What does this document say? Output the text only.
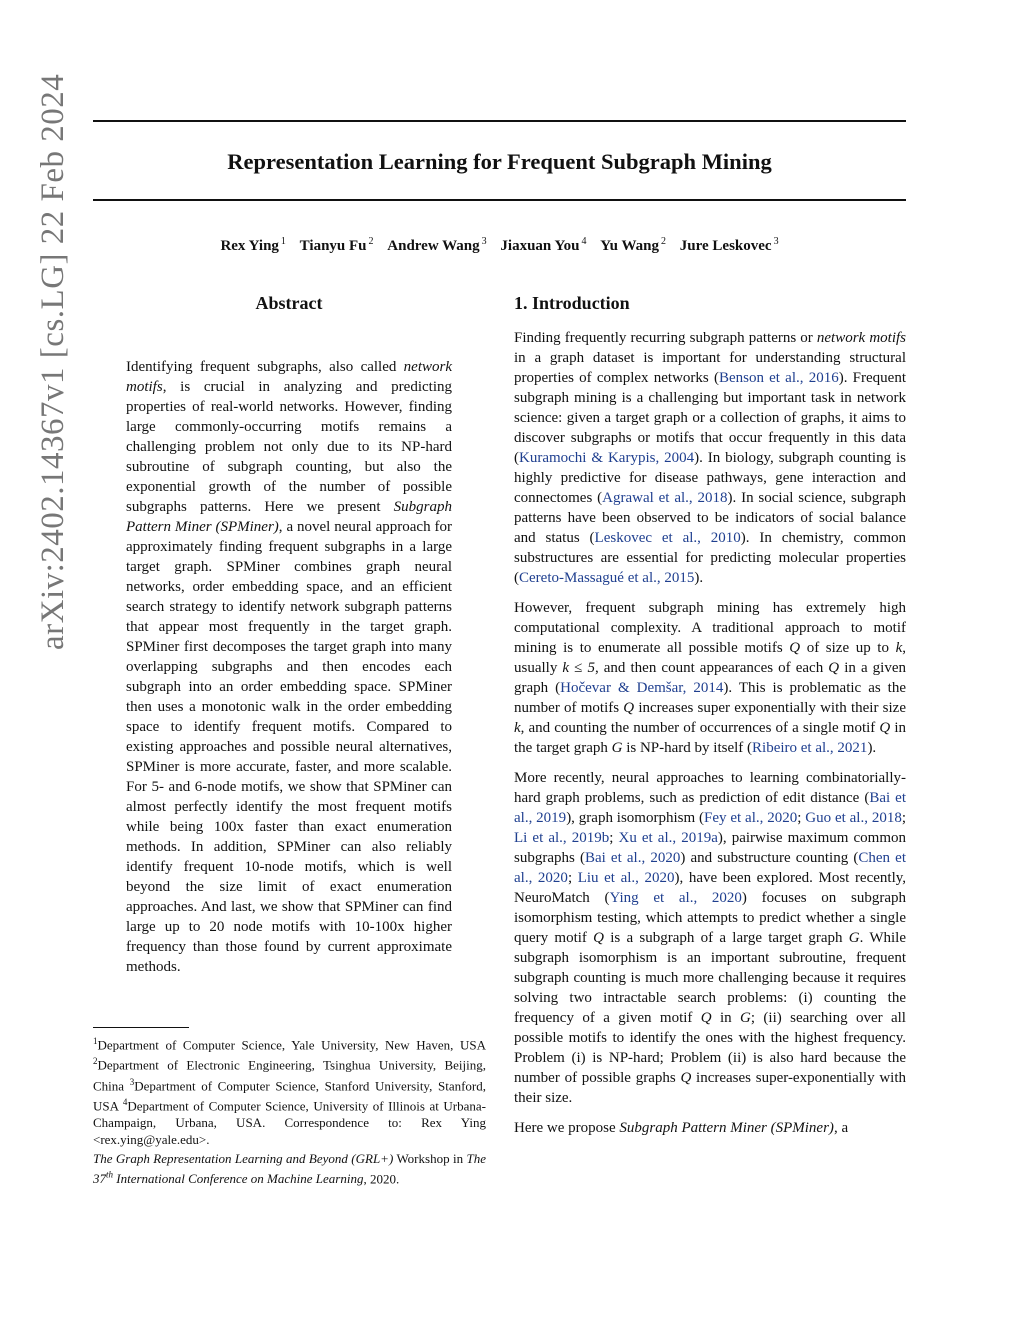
Representation Learning for Frequent Subgraph Mining
Rex Ying $^1$ Tianyu Fu $^2$ Andrew Wang $^3$ Jiaxuan You $^4$ Yu Wang $^2$ Jure Leskovec $^3$
arXiv:2402.14367v1 [cs.LG] 22 Feb 2024	Abstract
Identifying frequent subgraphs, also called network motifs, is crucial in analyzing and predicting properties of real-world networks. However, finding large commonly-occurring motifs remains a challenging problem not only due to its NP-hard subroutine of subgraph counting, but also the exponential growth of the number of possible subgraphs patterns. Here we present Subgraph Pattern Miner (SPMiner), a novel neural approach for approximately finding frequent subgraphs in a large target graph. SPMiner combines graph neural networks, order embedding space, and an efficient search strategy to identify network subgraph patterns that appear most frequently in the target graph. SPMiner first decomposes the target graph into many overlapping subgraphs and then encodes each subgraph into an order embedding space. SPMiner then uses a monotonic walk in the order embedding space to identify frequent motifs. Compared to existing approaches and possible neural alternatives, SPMiner is more accurate, faster, and more scalable. For 5- and 6-node motifs, we show that SPMiner can almost perfectly identify the most frequent motifs while being 100x faster than exact enumeration methods. In addition, SPMiner can also reliably identify frequent 10-node motifs, which is well beyond the size limit of exact enumeration approaches. And last, we show that SPMiner can find large up to 20 node motifs with 10-100x higher frequency than those found by current approximate methods.
$^1$Department of Computer Science, Yale University, New Haven, USA $^2$Department of Electronic Engineering, Tsinghua University, Beijing, China $^3$Department of Computer Science, Stanford University, Stanford, USA $^4$Department of Computer Science, University of Illinois at Urbana-Champaign, Urbana, USA. Correspondence to: Rex Ying <rex.ying@yale.edu>.
The Graph Representation Learning and Beyond (GRL+) Workshop in The 37th International Conference on Machine Learning, 2020.
1. Introduction

Finding frequently recurring subgraph patterns or network motifs in a graph dataset is important for understanding structural properties of complex networks (Benson et al., 2016). Frequent subgraph mining is a challenging but important task in network science: given a target graph or a collection of graphs, it aims to discover subgraphs or motifs that occur frequently in this data (Kuramochi & Karypis, 2004). In biology, subgraph counting is highly predictive for disease pathways, gene interaction and connectomes (Agrawal et al., 2018). In social science, subgraph patterns have been observed to be indicators of social balance and status (Leskovec et al., 2010). In chemistry, common substructures are essential for predicting molecular properties (Cereto-Massagué et al., 2015).

However, frequent subgraph mining has extremely high computational complexity. A traditional approach to motif mining is to enumerate all possible motifs Q of size up to k, usually k ≤ 5, and then count appearances of each Q in a given graph (Hočevar & Demšar, 2014). This is problematic as the number of motifs Q increases super exponentially with their size k, and counting the number of occurrences of a single motif Q in the target graph G is NP-hard by itself (Ribeiro et al., 2021).

More recently, neural approaches to learning combinatorially-hard graph problems, such as prediction of edit distance (Bai et al., 2019), graph isomorphism (Fey et al., 2020; Guo et al., 2018; Li et al., 2019b; Xu et al., 2019a), pairwise maximum common subgraphs (Bai et al., 2020) and substructure counting (Chen et al., 2020; Liu et al., 2020), have been explored. Most recently, NeuroMatch (Ying et al., 2020) focuses on subgraph isomorphism testing, which attempts to predict whether a single query motif Q is a subgraph of a large target graph G. While subgraph isomorphism is an important subroutine, frequent subgraph counting is much more challenging because it requires solving two intractable search problems: (i) counting the frequency of a given motif Q in G; (ii) searching over all possible motifs to identify the ones with the highest frequency. Problem (i) is NP-hard; Problem (ii) is also hard because the number of possible graphs Q increases super-exponentially with their size.

Here we propose Subgraph Pattern Miner (SPMiner), a
